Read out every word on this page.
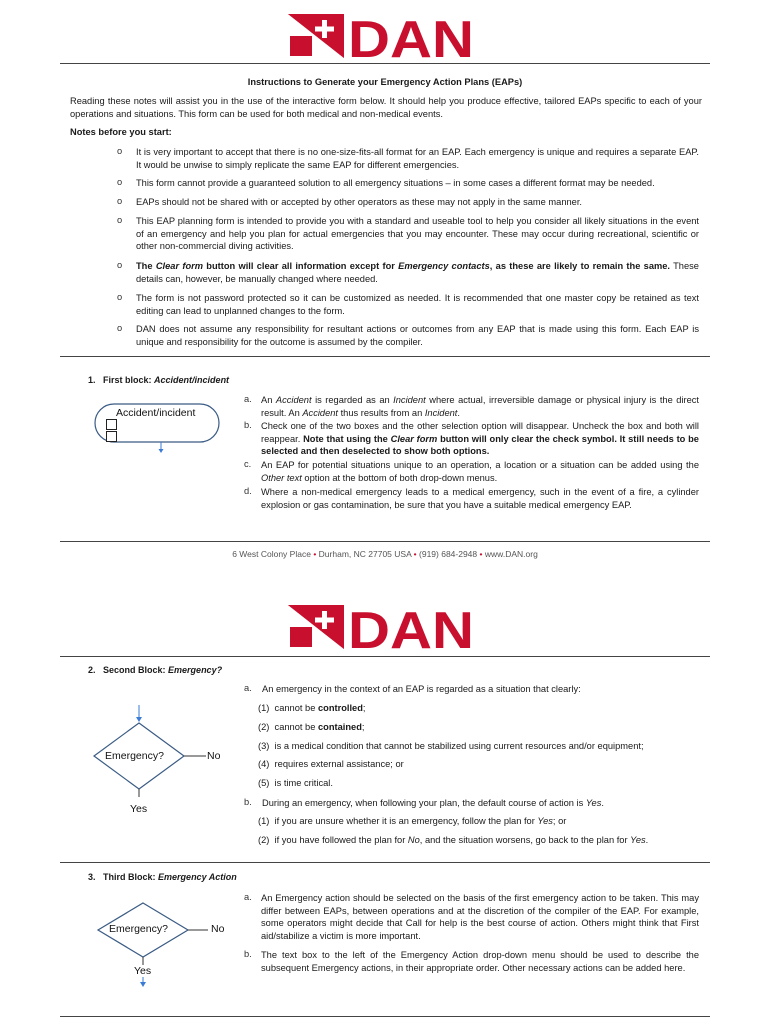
DAN
Instructions to Generate your Emergency Action Plans (EAPs)
Reading these notes will assist you in the use of the interactive form below. It should help you produce effective, tailored EAPs specific to each of your operations and situations. This form can be used for both medical and non-medical events.
Notes before you start:
o It is very important to accept that there is no one-size-fits-all format for an EAP. Each emergency is unique and requires a separate EAP. It would be unwise to simply replicate the same EAP for different emergencies.
o This form cannot provide a guaranteed solution to all emergency situations – in some cases a different format may be needed.
o EAPs should not be shared with or accepted by other operators as these may not apply in the same manner.
o This EAP planning form is intended to provide you with a standard and useable tool to help you consider all likely situations in the event of an emergency and help you plan for actual emergencies that you may encounter. These may occur during recreational, scientific or other non-commercial diving activities.
o The Clear form button will clear all information except for Emergency contacts, as these are likely to remain the same. These details can, however, be manually changed where needed.
o The form is not password protected so it can be customized as needed. It is recommended that one master copy be retained as text editing can lead to unplanned changes to the form.
o DAN does not assume any responsibility for resultant actions or outcomes from any EAP that is made using this form. Each EAP is unique and responsibility for the outcome is assumed by the compiler.
1. First block: Accident/incident
Accident/incident
a. An Accident is regarded as an Incident where actual, irreversible damage or physical injury is the direct result. An Accident thus results from an Incident.
b. Check one of the two boxes and the other selection option will disappear. Uncheck the box and both will reappear. Note that using the Clear form button will only clear the check symbol. It still needs to be selected and then deselected to show both options.
c. An EAP for potential situations unique to an operation, a location or a situation can be added using the Other text option at the bottom of both drop-down menus.
d. Where a non-medical emergency leads to a medical emergency, such in the event of a fire, a cylinder explosion or gas contamination, be sure that you have a suitable medical emergency EAP.
6 West Colony Place • Durham, NC 27705 USA • (919) 684-2948 • www.DAN.org
DAN
2. Second Block: Emergency?
Emergency?	No
Yes
a. An emergency in the context of an EAP is regarded as a situation that clearly:
(1) cannot be controlled;
(2) cannot be contained;
(3) is a medical condition that cannot be stabilized using current resources and/or equipment;
(4) requires external assistance; or
(5) is time critical.
b. During an emergency, when following your plan, the default course of action is Yes.
(1) if you are unsure whether it is an emergency, follow the plan for Yes; or
(2) if you have followed the plan for No, and the situation worsens, go back to the plan for Yes.
3. Third Block: Emergency Action
Emergency?	No
Yes
a. An Emergency action should be selected on the basis of the first emergency action to be taken. This may differ between EAPs, between operations and at the discretion of the compiler of the EAP. For example, some operators might decide that Call for help is the best course of action. Others might think that First aid/stabilize a victim is more important.
b. The text box to the left of the Emergency Action drop-down menu should be used to describe the subsequent Emergency actions, in their appropriate order. Other necessary actions can be added here.
